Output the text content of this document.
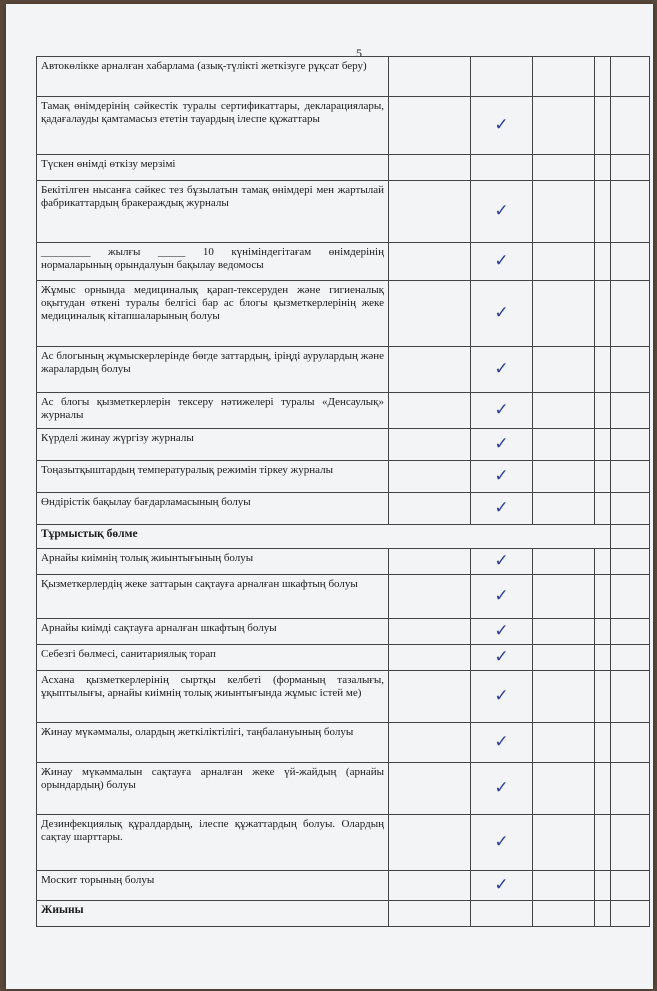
5
Автокөлікке арналған хабарлама (азық-түлікті жеткізуге рұқсат беру)					
Тамақ өнімдерінің сәйкестік туралы сертификаттары, декларациялары, қадағалауды қамтамасыз ететін тауардың ілеспе құжаттары		✓			
Түскен өнімді өткізу мерзімі					
Бекітілген нысанға сәйкес тез бұзылатын тамақ өнімдері мен жартылай фабрикаттардың бракераждық журналы		✓			
_________ жылғы _____ 10 күніміндегітағам өнімдерінің нормаларының орындалуын бақылау ведомосы		✓			
Жұмыс орнында медициналық қарап-тексеруден және гигиеналық оқытудан өткені туралы белгісі бар ас блогы қызметкерлерінің жеке медициналық кітапшаларының болуы		✓			
Ас блогының жұмыскерлерінде бөгде заттардың, іріңді аурулардың және жаралардың болуы		✓			
Ас блогы қызметкерлерін тексеру нәтижелері туралы «Денсаулық» журналы		✓			
Күрделі жинау жүргізу журналы		✓			
Тоңазытқыштардың температуралық режимін тіркеу журналы		✓			
Өндірістік бақылау бағдарламасының болуы		✓			
Тұрмыстық бөлме					
Арнайы киімнің толық жиынтығының болуы		✓			
Қызметкерлердің жеке заттарын сақтауға арналған шкафтың болуы		✓			
Арнайы киімді сақтауға арналған шкафтың болуы		✓			
Себезгі бөлмесі, санитариялық торап		✓			
Асхана қызметкерлерінің сыртқы келбеті (форманың тазалығы, ұқыптылығы, арнайы киімнің толық жиынтығында жұмыс істей ме)		✓			
Жинау мүкәммалы, олардың жеткіліктілігі, таңбалануының болуы		✓			
Жинау мүкәммалын сақтауға арналған жеке үй-жайдың (арнайы орындардың) болуы		✓			
Дезинфекциялық құралдардың, ілеспе құжаттардың болуы. Олардың сақтау шарттары.		✓			
Москит торының болуы		✓			
Жиыны					
